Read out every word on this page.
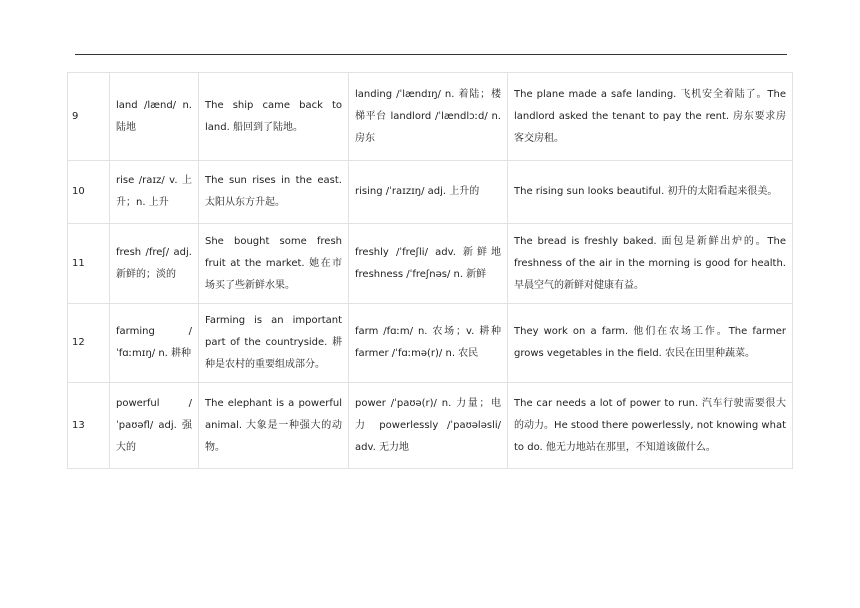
9	land /lænd/ n. 陆地	The ship came back to land. 船回到了陆地。	landing /ˈlændɪŋ/ n. 着陆；楼梯平台 landlord /ˈlændlɔːd/ n. 房东	The plane made a safe landing. 飞机安全着陆了。The landlord asked the tenant to pay the rent. 房东要求房客交房租。
10	rise /raɪz/ v. 上升；n. 上升	The sun rises in the east. 太阳从东方升起。	rising /ˈraɪzɪŋ/ adj. 上升的	The rising sun looks beautiful. 初升的太阳看起来很美。
11	fresh /freʃ/ adj. 新鲜的；淡的	She bought some fresh fruit at the market. 她在市场买了些新鲜水果。	freshly /ˈfreʃli/ adv. 新鲜地 freshness /ˈfreʃnəs/ n. 新鲜	The bread is freshly baked. 面包是新鲜出炉的。The freshness of the air in the morning is good for health. 早晨空气的新鲜对健康有益。
12	farming /ˈfɑːmɪŋ/ n. 耕种	Farming is an important part of the countryside. 耕种是农村的重要组成部分。	farm /fɑːm/ n. 农场；v. 耕种 farmer /ˈfɑːmə(r)/ n. 农民	They work on a farm. 他们在农场工作。The farmer grows vegetables in the field. 农民在田里种蔬菜。
13	powerful /ˈpaʊəfl/ adj. 强大的	The elephant is a powerful animal. 大象是一种强大的动物。	power /ˈpaʊə(r)/ n. 力量；电力 powerlessly /ˈpaʊələsli/ adv. 无力地	The car needs a lot of power to run. 汽车行驶需要很大的动力。He stood there powerlessly, not knowing what to do. 他无力地站在那里，不知道该做什么。
